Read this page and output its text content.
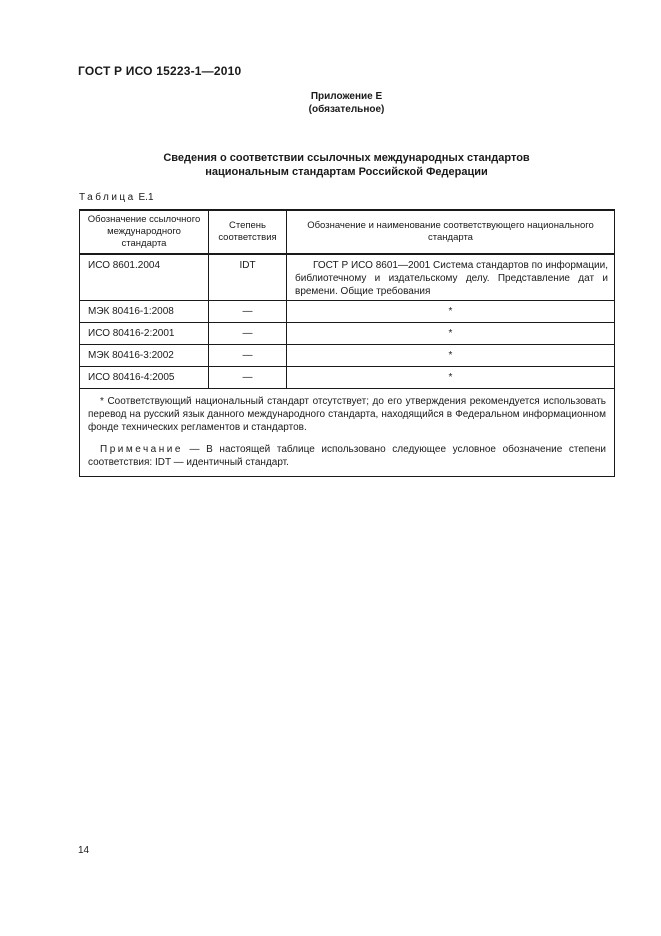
ГОСТ Р ИСО 15223-1—2010
Приложение Е
(обязательное)
Сведения о соответствии ссылочных международных стандартов
национальным стандартам Российской Федерации
Таблица Е.1
Обозначение ссылочного международного стандарта	Степень соответствия	Обозначение и наименование соответствующего национального стандарта
ИСО 8601.2004	IDT	ГОСТ Р ИСО 8601—2001 Система стандартов по информации, библиотечному и издательскому делу. Представление дат и времени. Общие требования
МЭК 80416-1:2008	—	*
ИСО 80416-2:2001	—	*
МЭК 80416-3:2002	—	*
ИСО 80416-4:2005	—	*

* Соответствующий национальный стандарт отсутствует; до его утверждения рекомендуется использовать перевод на русский язык данного международного стандарта, находящийся в Федеральном информационном фонде технических регламентов и стандартов.

Примечание — В настоящей таблице использовано следующее условное обозначение степени соответствия: IDT — идентичный стандарт.		

14
